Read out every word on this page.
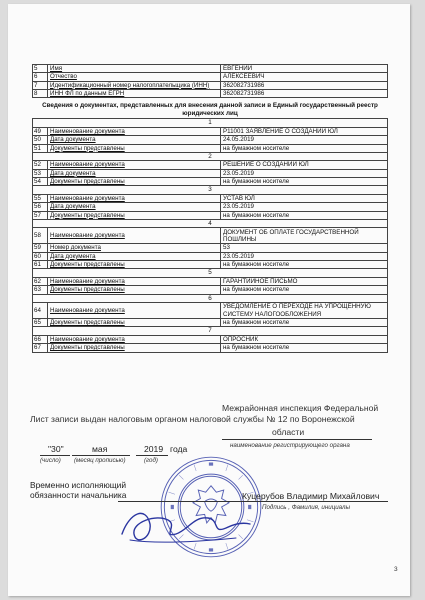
5	Имя	ЕВГЕНИЙ
6	Отчество	АЛЕКСЕЕВИЧ
7	Идентификационный номер налогоплательщика (ИНН)	362082731986
8	ИНН ФЛ по данным ЕГРН	362082731986
Сведения о документах, представленных для внесения данной записи в Единый государственный реестр юридических лиц		
1		
49	Наименование документа	Р11001 ЗАЯВЛЕНИЕ О СОЗДАНИИ ЮЛ
50	Дата документа	24.05.2019
51	Документы представлены	на бумажном носителе
2		
52	Наименование документа	РЕШЕНИЕ О СОЗДАНИИ ЮЛ
53	Дата документа	23.05.2019
54	Документы представлены	на бумажном носителе
3		
55	Наименование документа	УСТАВ ЮЛ
56	Дата документа	23.05.2019
57	Документы представлены	на бумажном носителе
4		
58	Наименование документа	ДОКУМЕНТ ОБ ОПЛАТЕ ГОСУДАРСТВЕННОЙ ПОШЛИНЫ
59	Номер документа	53
60	Дата документа	23.05.2019
61	Документы представлены	на бумажном носителе
5		
62	Наименование документа	ГАРАНТИЙНОЕ ПИСЬМО
63	Документы представлены	на бумажном носителе
6		
64	Наименование документа	УВЕДОМЛЕНИЕ О ПЕРЕХОДЕ НА УПРОЩЕННУЮ СИСТЕМУ НАЛОГООБЛОЖЕНИЯ
65	Документы представлены	на бумажном носителе
7		
66	Наименование документа	ОПРОСНИК
67	Документы представлены	на бумажном носителе
Межрайонная инспекция Федеральной
Лист записи выдан налоговым органом налоговой службы № 12 по Воронежской
области
наименование регистрирующего органа
"30"
(число)
мая
(месяц прописью)
2019 года
(год)
Временно исполняющий обязанности начальника	Куцерубов Владимир Михайлович
Подпись , Фамилия, инициалы
3
